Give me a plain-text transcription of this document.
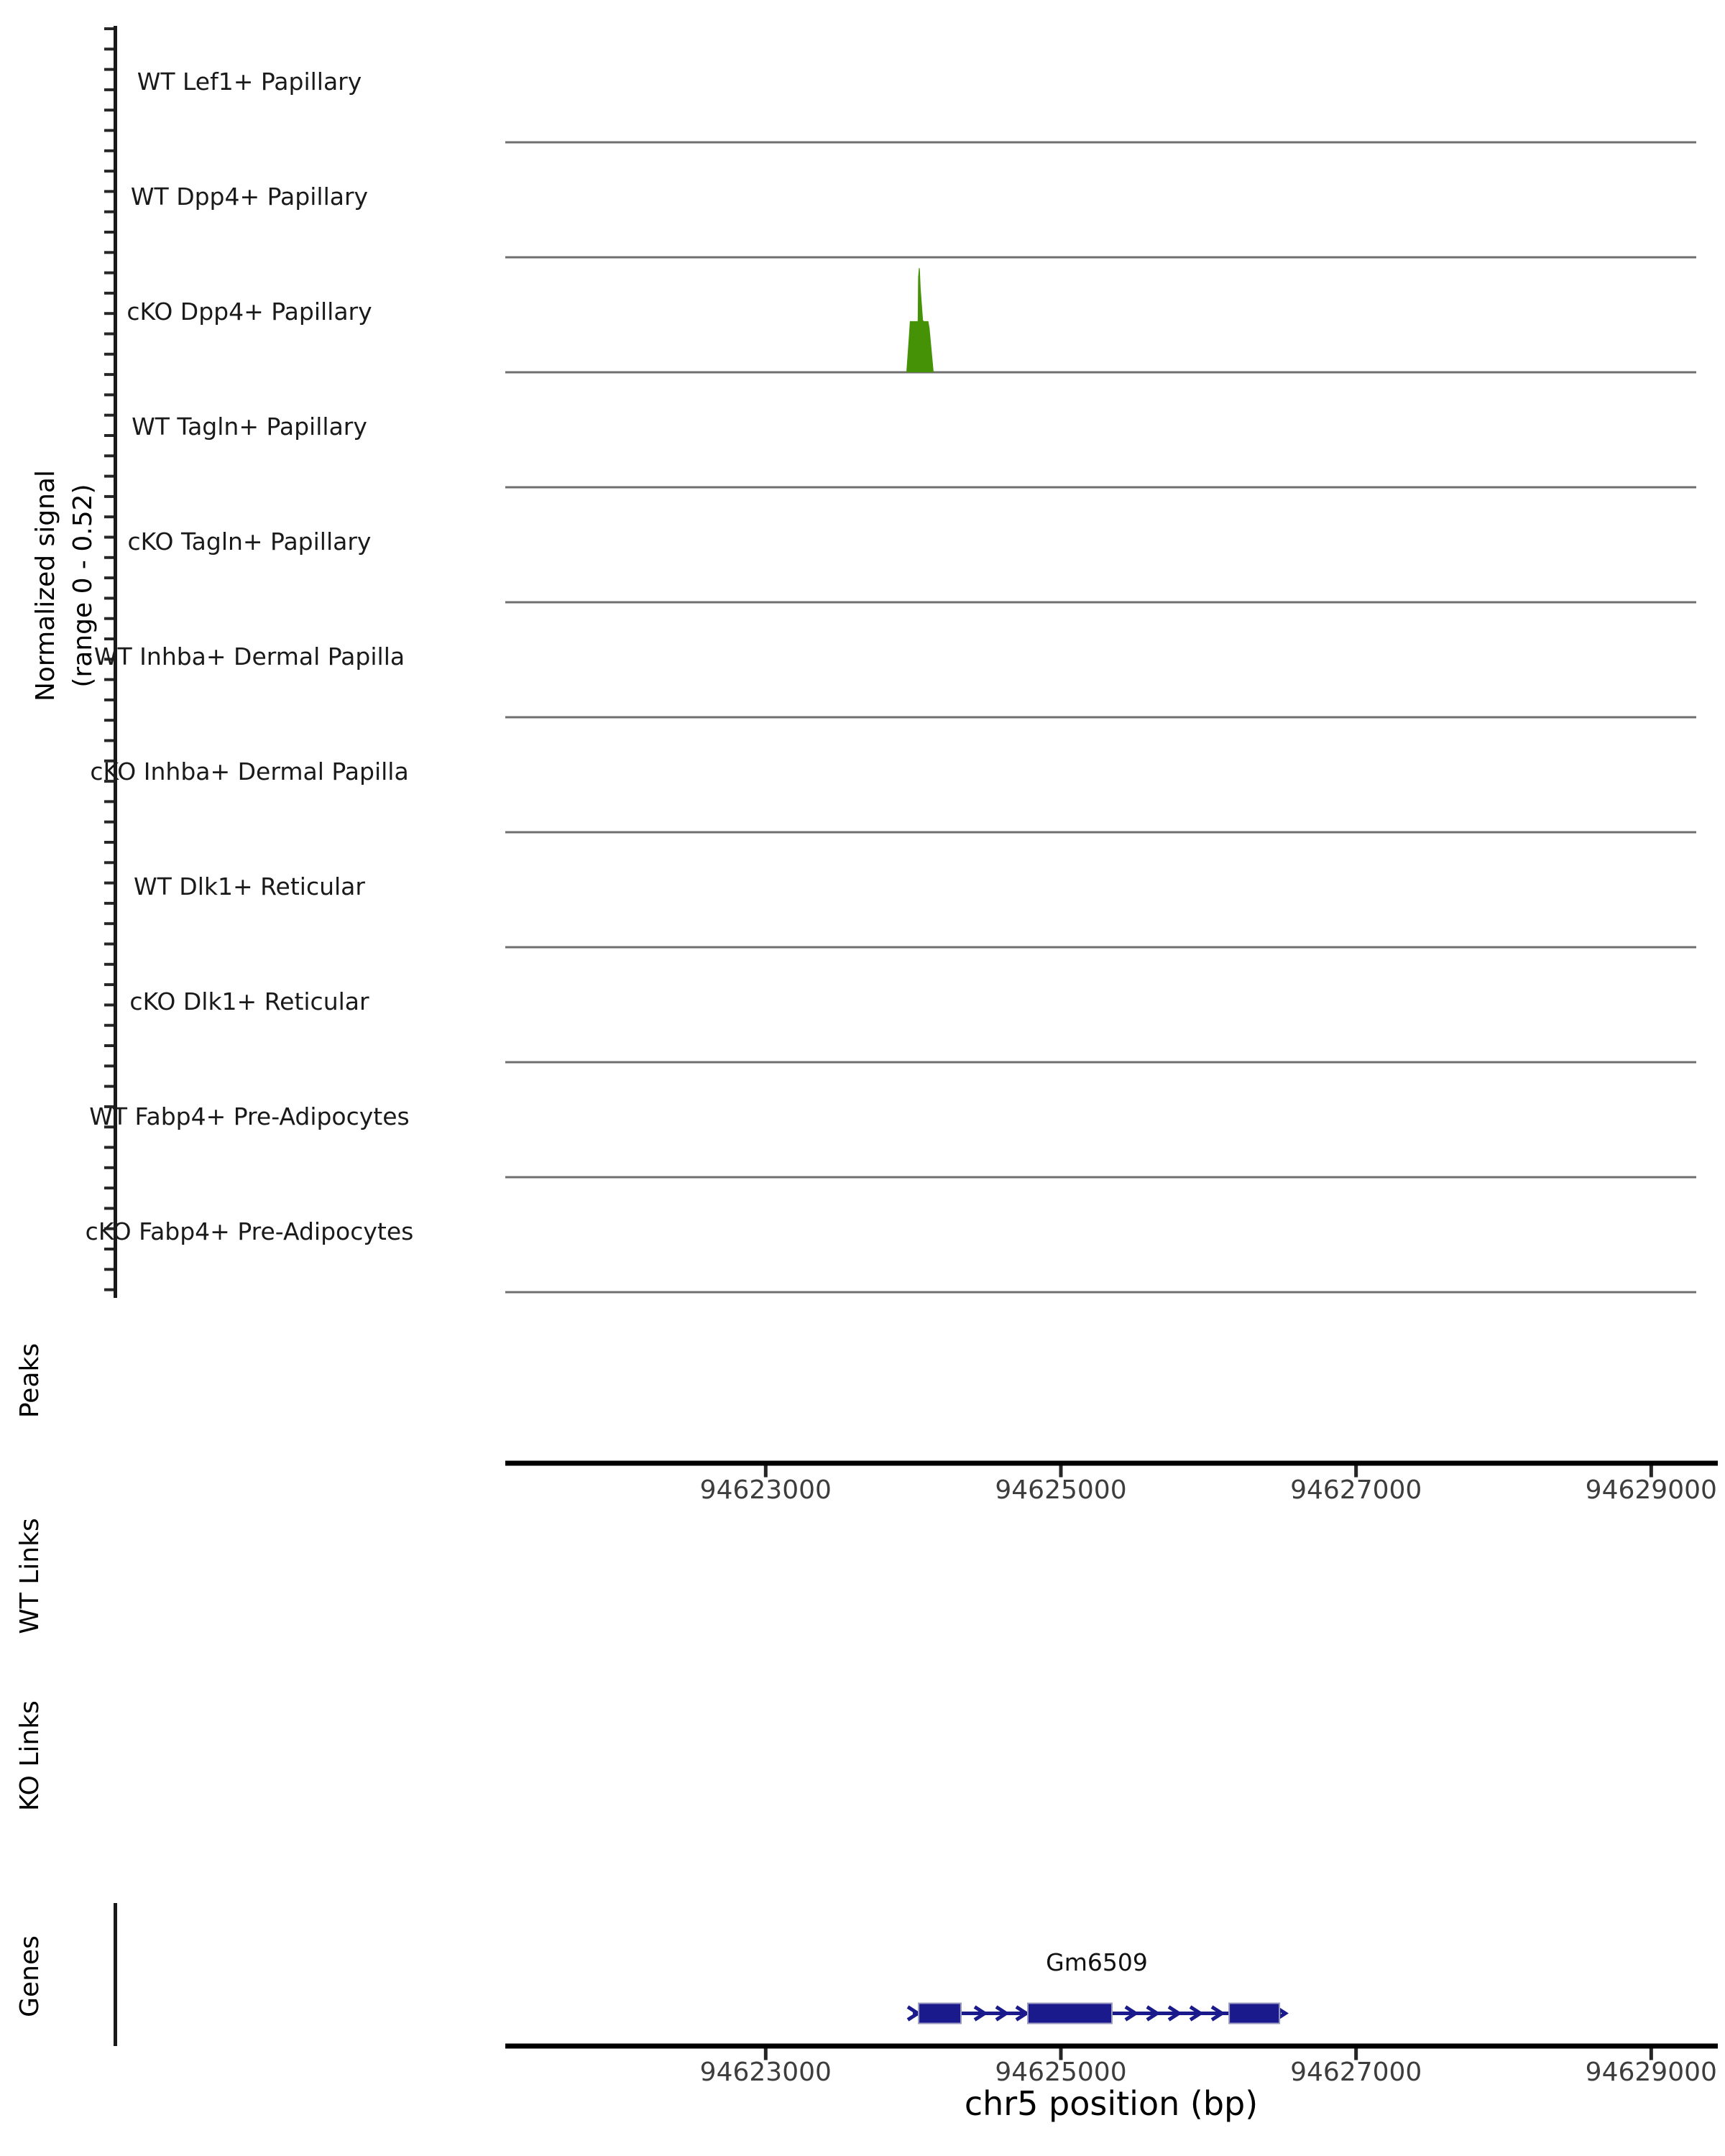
Normalized signal (range 0 - 0.52)
WT Lef1+ Papillary
WT Dpp4+ Papillary
cKO Dpp4+ Papillary
WT Tagln+ Papillary
cKO Tagln+ Papillary
WT Inhba+ Dermal Papilla
cKO Inhba+ Dermal Papilla
WT Dlk1+ Reticular
cKO Dlk1+ Reticular
WT Fabp4+ Pre-Adipocytes
cKO Fabp4+ Pre-Adipocytes
Peaks
WT Links
KO Links
Genes
94623000	94625000	94627000	94629000
94623000	94625000	94627000	94629000
Gm6509
chr5 position (bp)
